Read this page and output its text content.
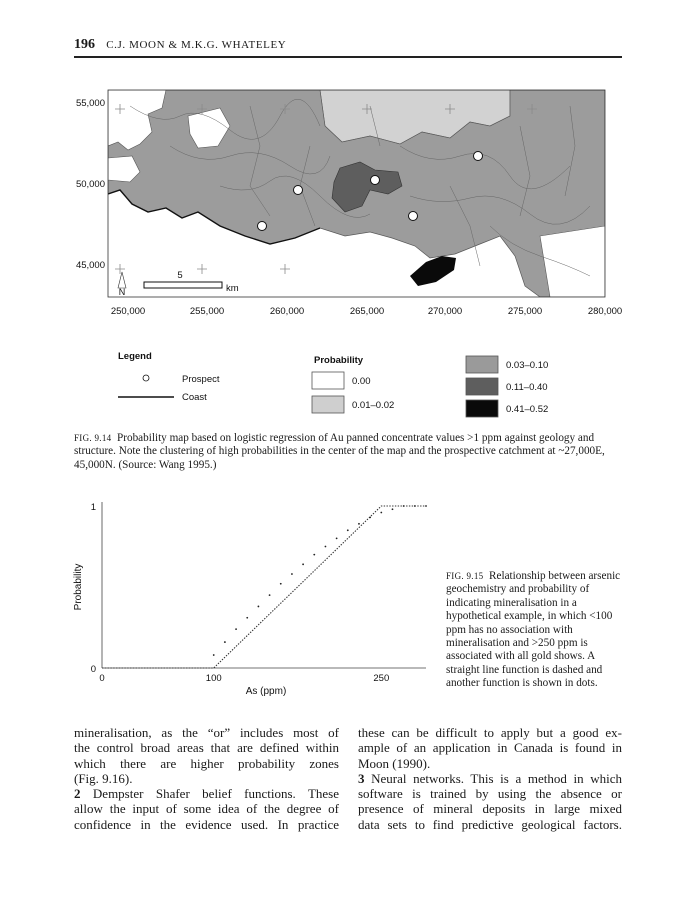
196 C.J. MOON & M.K.G. WHATELEY
55,000
50,000
45,000
250,000	255,000	260,000	265,000	270,000	275,000	280,000
N
5
km
Legend
Prospect
Coast
Probability
0.00
0.01–0.02
0.03–0.10
0.11–0.40
0.41–0.52
FIG. 9.14 Probability map based on logistic regression of Au panned concentrate values >1 ppm against geology and structure. Note the clustering of high probabilities in the center of the map and the prospective catchment at ~27,000E, 45,000N. (Source: Wang 1995.)
0	100	250
0
1
Probability
As (ppm)
FIG. 9.15 Relationship between arsenic geochemistry and probability of indicating mineralisation in a hypothetical example, in which <100 ppm has no association with mineralisation and >250 ppm is associated with all gold shows. A straight line function is dashed and another function is shown in dots.
mineralisation, as the “or” includes most of
the control broad areas that are defined within
which there are higher probability zones
(Fig. 9.16).
2 Dempster Shafer belief functions. These
allow the input of some idea of the degree of
confidence in the evidence used. In practice
these can be difficult to apply but a good ex-
ample of an application in Canada is found in
Moon (1990).
3 Neural networks. This is a method in which
software is trained by using the absence or
presence of mineral deposits in large mixed
data sets to find predictive geological factors.
